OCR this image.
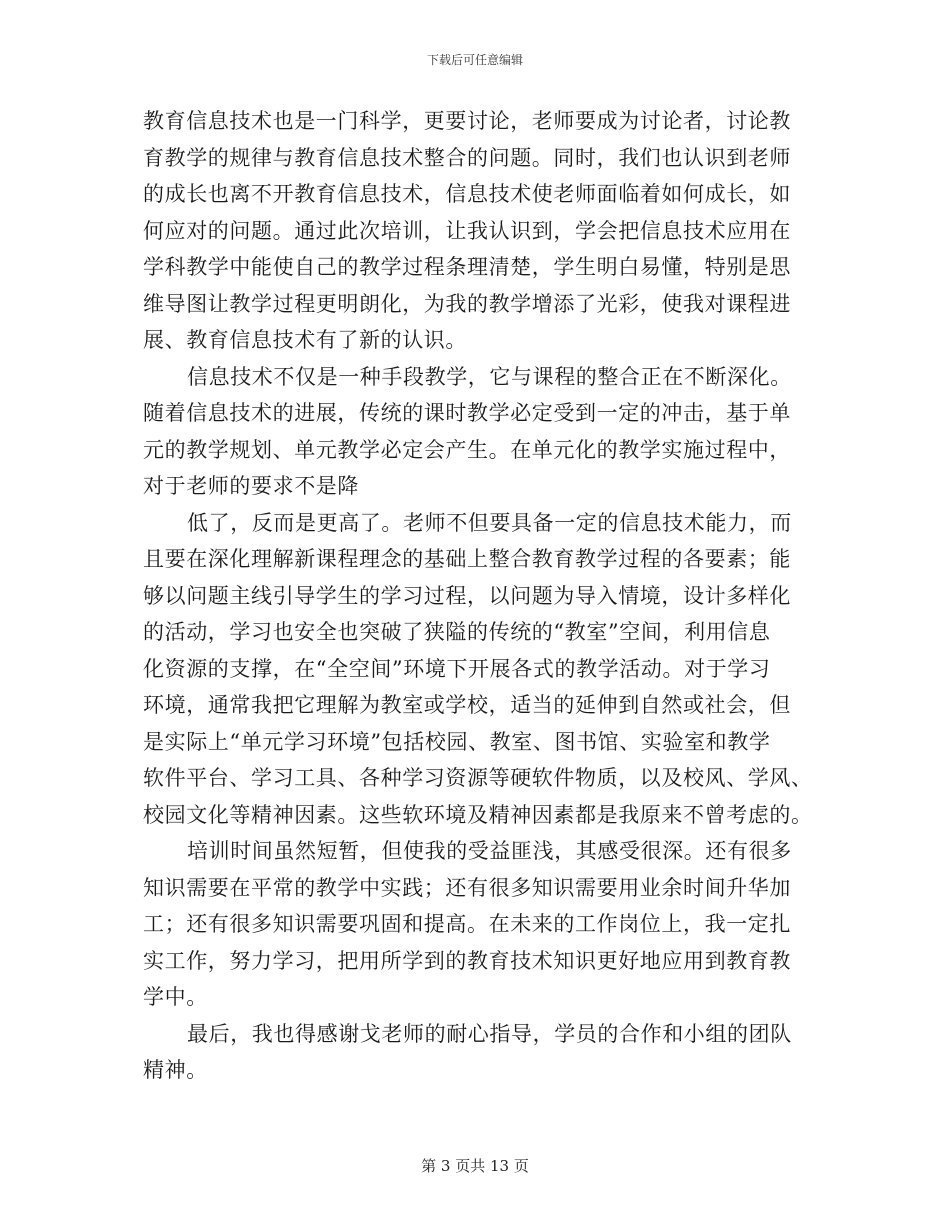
下载后可任意编辑
教育信息技术也是一门科学，更要讨论，老师要成为讨论者，讨论教
育教学的规律与教育信息技术整合的问题。同时，我们也认识到老师
的成长也离不开教育信息技术，信息技术使老师面临着如何成长，如
何应对的问题。通过此次培训，让我认识到，学会把信息技术应用在
学科教学中能使自己的教学过程条理清楚，学生明白易懂，特别是思
维导图让教学过程更明朗化，为我的教学增添了光彩，使我对课程进
展、教育信息技术有了新的认识。
信息技术不仅是一种手段教学，它与课程的整合正在不断深化。
随着信息技术的进展，传统的课时教学必定受到一定的冲击，基于单
元的教学规划、单元教学必定会产生。在单元化的教学实施过程中，
对于老师的要求不是降
低了，反而是更高了。老师不但要具备一定的信息技术能力，而
且要在深化理解新课程理念的基础上整合教育教学过程的各要素；能
够以问题主线引导学生的学习过程，以问题为导入情境，设计多样化
的活动，学习也安全也突破了狭隘的传统的“教室”空间，利用信息
化资源的支撑，在“全空间”环境下开展各式的教学活动。对于学习
环境，通常我把它理解为教室或学校，适当的延伸到自然或社会，但
是实际上“单元学习环境”包括校园、教室、图书馆、实验室和教学
软件平台、学习工具、各种学习资源等硬软件物质，以及校风、学风、
校园文化等精神因素。这些软环境及精神因素都是我原来不曾考虑的。
培训时间虽然短暂，但使我的受益匪浅，其感受很深。还有很多
知识需要在平常的教学中实践；还有很多知识需要用业余时间升华加
工；还有很多知识需要巩固和提高。在未来的工作岗位上，我一定扎
实工作，努力学习，把用所学到的教育技术知识更好地应用到教育教
学中。
最后，我也得感谢戈老师的耐心指导，学员的合作和小组的团队
精神。
第 3 页共 13 页
